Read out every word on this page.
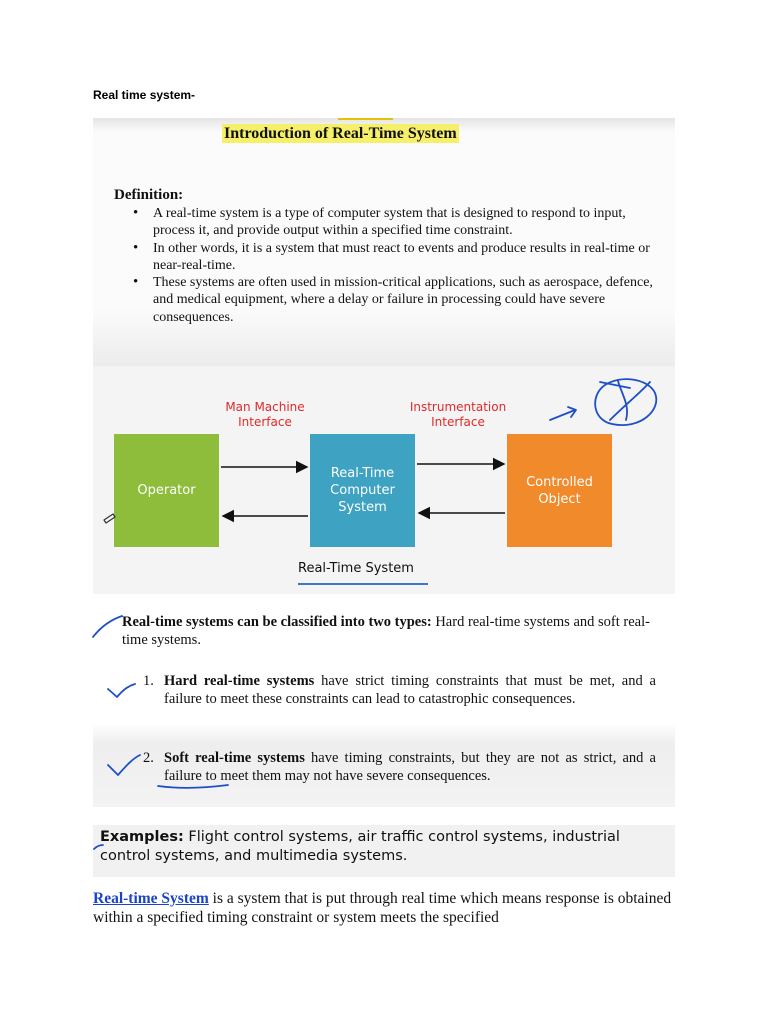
Real time system-
Introduction of Real-Time System
Definition:
• A real-time system is a type of computer system that is designed to respond to input, process it, and provide output within a specified time constraint.
• In other words, it is a system that must react to events and produce results in real-time or near-real-time.
• These systems are often used in mission-critical applications, such as aerospace, defence, and medical equipment, where a delay or failure in processing could have severe consequences.
Man Machine Interface
Instrumentation Interface
Operator
Real-Time Computer System
Controlled Object
Real-Time System
Real-time systems can be classified into two types: Hard real-time systems and soft real-time systems.
1. Hard real-time systems have strict timing constraints that must be met, and a failure to meet these constraints can lead to catastrophic consequences.
2. Soft real-time systems have timing constraints, but they are not as strict, and a failure to meet them may not have severe consequences.
Examples: Flight control systems, air traffic control systems, industrial control systems, and multimedia systems.
Real-time System is a system that is put through real time which means response is obtained within a specified timing constraint or system meets the specified
